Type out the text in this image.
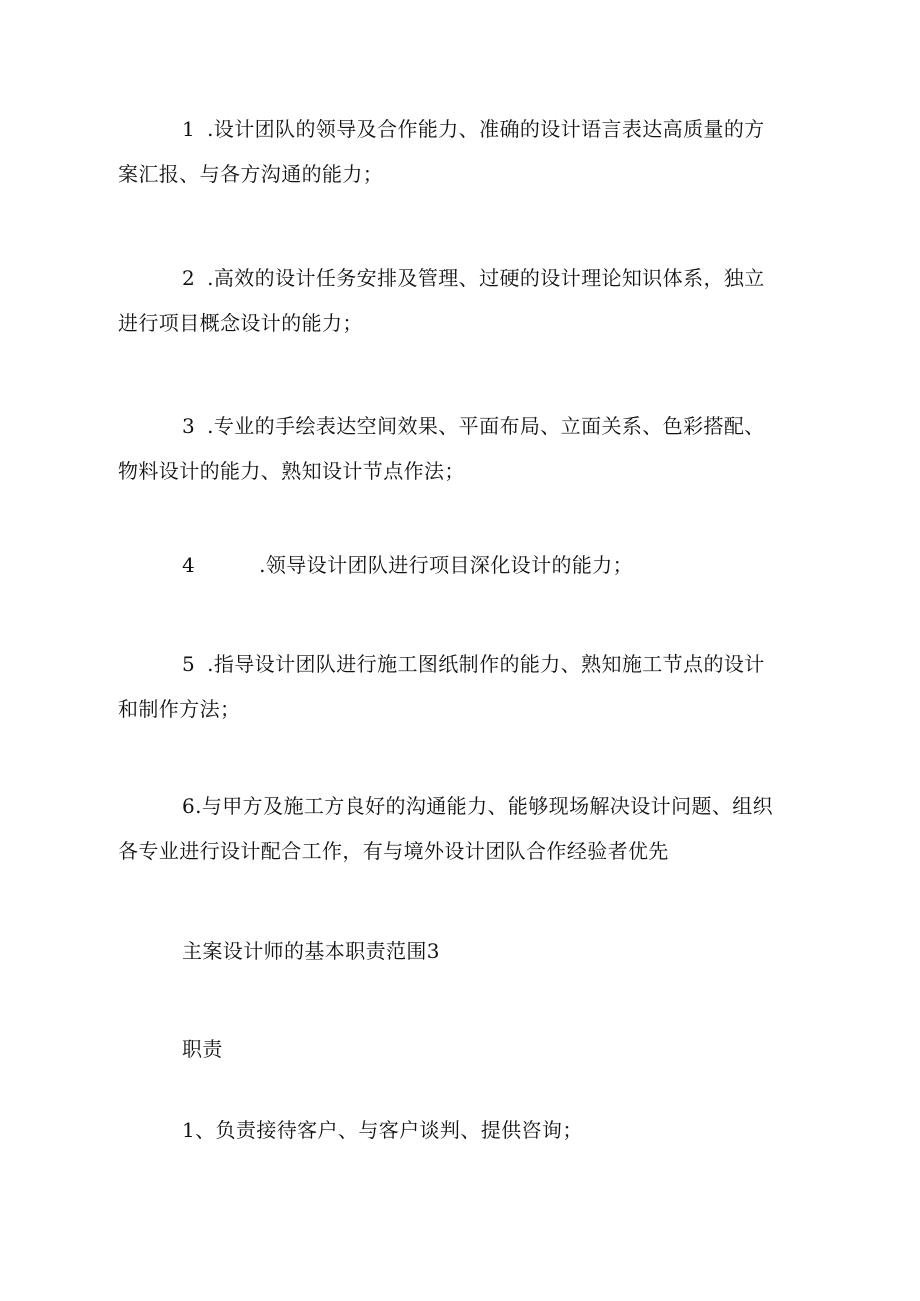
1 .设计团队的领导及合作能力、准确的设计语言表达高质量的方
案汇报、与各方沟通的能力；
2 .高效的设计任务安排及管理、过硬的设计理论知识体系，独立
进行项目概念设计的能力；
3 .专业的手绘表达空间效果、平面布局、立面关系、色彩搭配、
物料设计的能力、熟知设计节点作法；
4	.领导设计团队进行项目深化设计的能力；
5 .指导设计团队进行施工图纸制作的能力、熟知施工节点的设计
和制作方法；
6.与甲方及施工方良好的沟通能力、能够现场解决设计问题、组织
各专业进行设计配合工作，有与境外设计团队合作经验者优先
主案设计师的基本职责范围3
职责
1、负责接待客户、与客户谈判、提供咨询；
